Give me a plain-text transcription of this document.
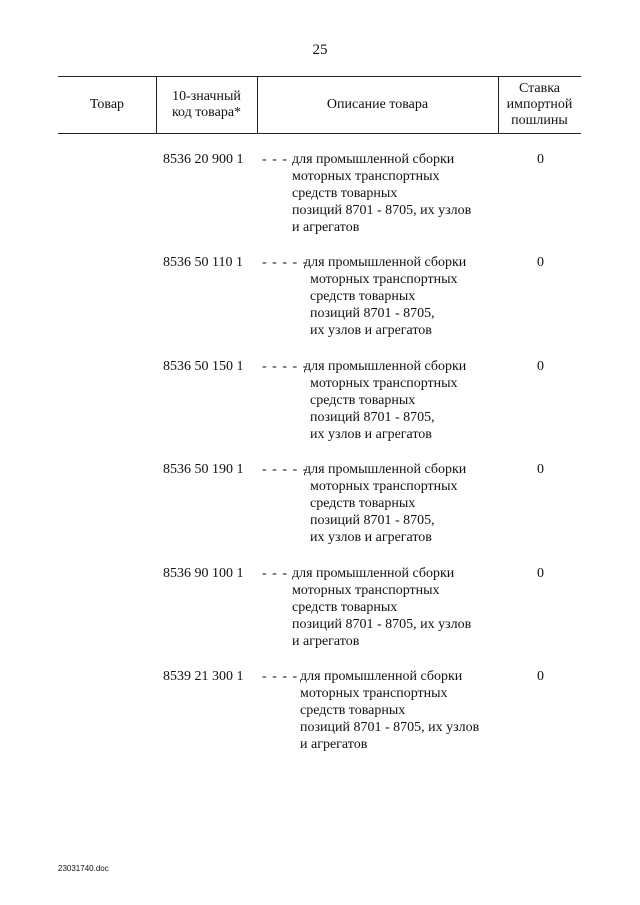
25
Товар
10-значный
код товара*
Описание товара
Ставка
импортной
пошлины
8536 20 900 1 - - - для промышленной сборки
моторных транспортных
средств товарных
позиций 8701 - 8705, их узлов
и агрегатов
0
8536 50 110 1 - - - - -
для промышленной сборки
моторных транспортных
средств товарных
позиций 8701 - 8705,
их узлов и агрегатов
0
8536 50 150 1 - - - - -
для промышленной сборки
моторных транспортных
средств товарных
позиций 8701 - 8705,
их узлов и агрегатов
0
8536 50 190 1 - - - - -
для промышленной сборки
моторных транспортных
средств товарных
позиций 8701 - 8705,
их узлов и агрегатов
0
8536 90 100 1 - - - для промышленной сборки
моторных транспортных
средств товарных
позиций 8701 - 8705, их узлов
и агрегатов
0
8539 21 300 1 - - - - для промышленной сборки
моторных транспортных
средств товарных
позиций 8701 - 8705, их узлов
и агрегатов
0
23031740.doc
